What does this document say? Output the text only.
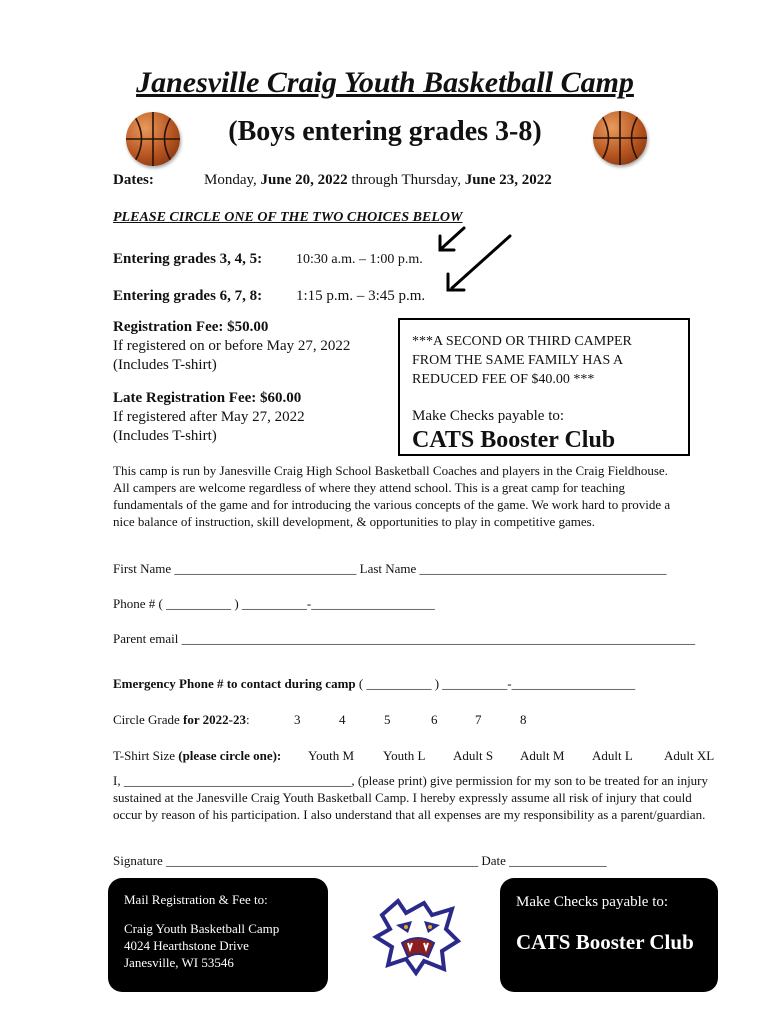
Janesville Craig Youth Basketball Camp
(Boys entering grades 3-8)
Dates:	Monday, June 20, 2022 through Thursday, June 23, 2022
PLEASE CIRCLE ONE OF THE TWO CHOICES BELOW
Entering grades 3, 4, 5: 10:30 a.m. – 1:00 p.m.
Entering grades 6, 7, 8: 1:15 p.m. – 3:45 p.m.
Registration Fee: $50.00
If registered on or before May 27, 2022
(Includes T-shirt)
Late Registration Fee: $60.00
If registered after May 27, 2022
(Includes T-shirt)
***A SECOND OR THIRD CAMPER
FROM THE SAME FAMILY HAS A
REDUCED FEE OF $40.00 ***
Make Checks payable to:
CATS Booster Club
This camp is run by Janesville Craig High School Basketball Coaches and players in the Craig Fieldhouse. All campers are welcome regardless of where they attend school. This is a great camp for teaching fundamentals of the game and for introducing the various concepts of the game. We work hard to provide a nice balance of instruction, skill development, & opportunities to play in competitive games.
First Name ____________________________ Last Name ______________________________________
Phone # ( __________ ) __________-___________________
Parent email _______________________________________________________________________________
Emergency Phone # to contact during camp ( __________ ) __________-___________________
Circle Grade for 2022-23:	3	4	5	6	7	8
T-Shirt Size (please circle one): Youth M Youth L Adult S Adult M Adult L Adult XL
I, ___________________________________, (please print) give permission for my son to be treated for an injury sustained at the Janesville Craig Youth Basketball Camp. I hereby expressly assume all risk of injury that could occur by reason of his participation. I also understand that all expenses are my responsibility as a parent/guardian.
Signature ________________________________________________ Date _______________
Mail Registration & Fee to:
Craig Youth Basketball Camp
4024 Hearthstone Drive
Janesville, WI 53546
Make Checks payable to:
CATS Booster Club
